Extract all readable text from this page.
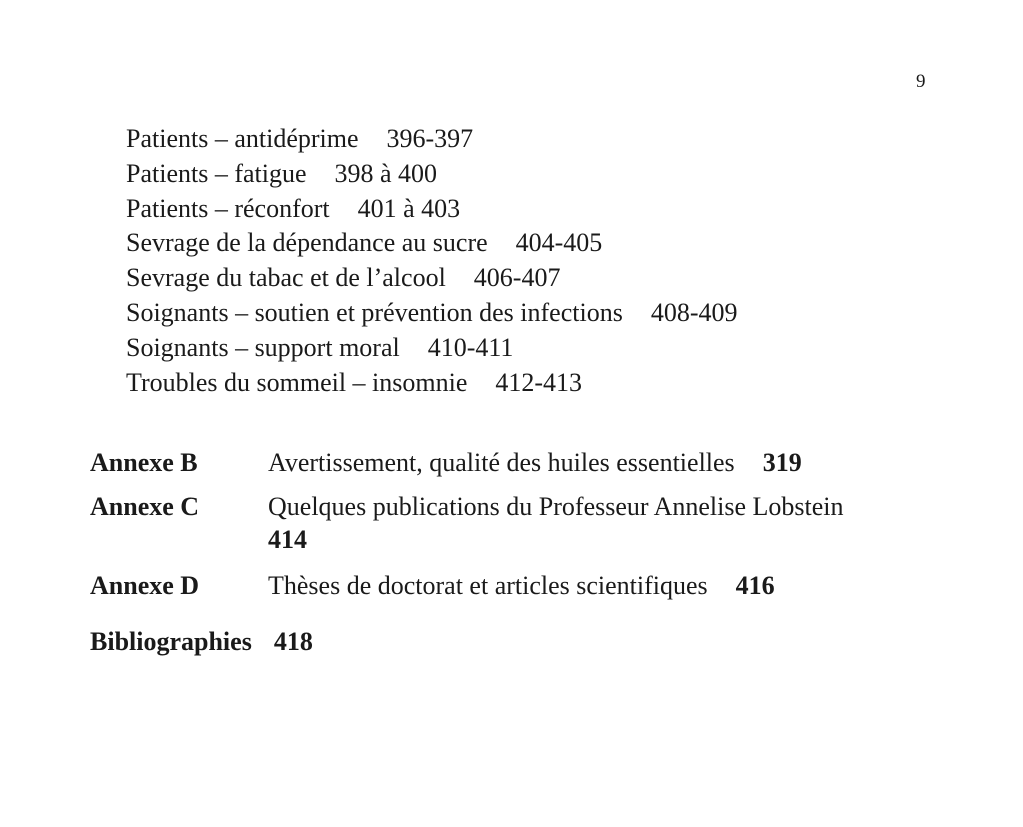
9
Patients – antidéprime 396-397
Patients – fatigue 398 à 400
Patients – réconfort 401 à 403
Sevrage de la dépendance au sucre 404-405
Sevrage du tabac et de l’alcool 406-407
Soignants – soutien et prévention des infections 408-409
Soignants – support moral 410-411
Troubles du sommeil – insomnie 412-413
Annexe B	Avertissement, qualité des huiles essentielles 319
Annexe C	Quelques publications du Professeur Annelise Lobstein
414
Annexe D	Thèses de doctorat et articles scientifiques 416
Bibliographies 418
